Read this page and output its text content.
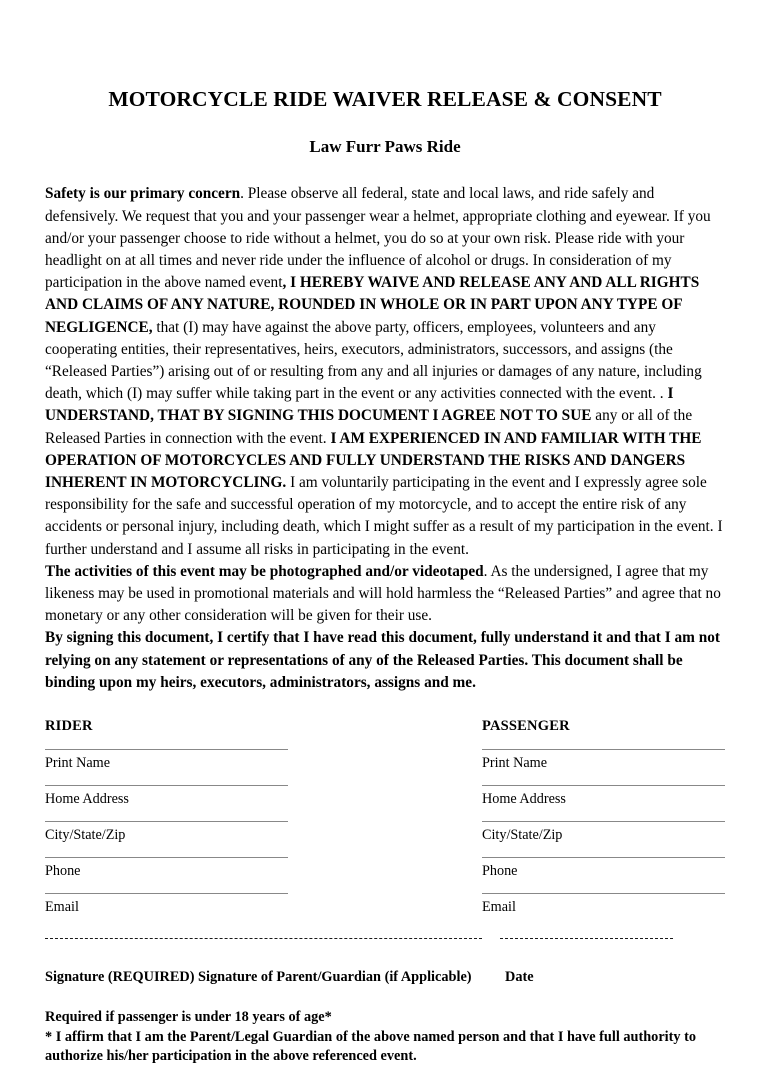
MOTORCYCLE RIDE WAIVER RELEASE & CONSENT
Law Furr Paws Ride

Safety is our primary concern. Please observe all federal, state and local laws, and ride safely and defensively. We request that you and your passenger wear a helmet, appropriate clothing and eyewear. If you and/or your passenger choose to ride without a helmet, you do so at your own risk. Please ride with your headlight on at all times and never ride under the influence of alcohol or drugs. In consideration of my participation in the above named event, I HEREBY WAIVE AND RELEASE ANY AND ALL RIGHTS AND CLAIMS OF ANY NATURE, ROUNDED IN WHOLE OR IN PART UPON ANY TYPE OF NEGLIGENCE, that (I) may have against the above party, officers, employees, volunteers and any cooperating entities, their representatives, heirs, executors, administrators, successors, and assigns (the “Released Parties”) arising out of or resulting from any and all injuries or damages of any nature, including death, which (I) may suffer while taking part in the event or any activities connected with the event. . I UNDERSTAND, THAT BY SIGNING THIS DOCUMENT I AGREE NOT TO SUE any or all of the Released Parties in connection with the event. I AM EXPERIENCED IN AND FAMILIAR WITH THE OPERATION OF MOTORCYCLES AND FULLY UNDERSTAND THE RISKS AND DANGERS INHERENT IN MOTORCYCLING. I am voluntarily participating in the event and I expressly agree sole responsibility for the safe and successful operation of my motorcycle, and to accept the entire risk of any accidents or personal injury, including death, which I might suffer as a result of my participation in the event. I further understand and I assume all risks in participating in the event.

The activities of this event may be photographed and/or videotaped. As the undersigned, I agree that my likeness may be used in promotional materials and will hold harmless the “Released Parties” and agree that no monetary or any other consideration will be given for their use.

By signing this document, I certify that I have read this document, fully understand it and that I am not relying on any statement or representations of any of the Released Parties. This document shall be binding upon my heirs, executors, administrators, assigns and me.

RIDER
Print Name
Home Address
City/State/Zip
Phone
Email
PASSENGER
Print Name
Home Address
City/State/Zip
Phone
Email
Signature (REQUIRED) Signature of Parent/Guardian (if Applicable) Date

Required if passenger is under 18 years of age*

* I affirm that I am the Parent/Legal Guardian of the above named person and that I have full authority to authorize his/her participation in the above referenced event.
